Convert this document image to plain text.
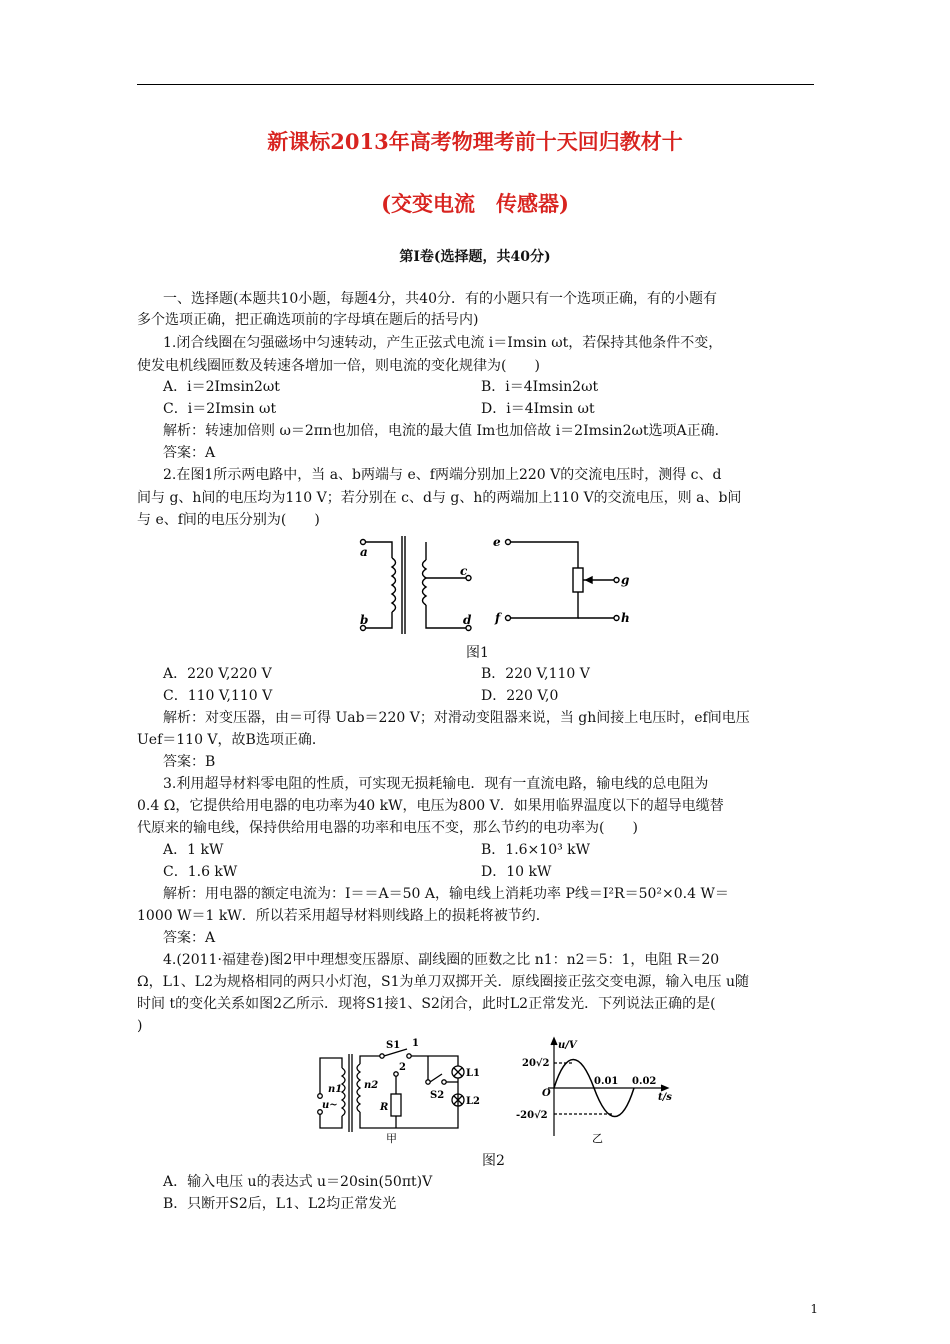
新课标2013年高考物理考前十天回归教材十
(交变电流　传感器)
第Ⅰ卷(选择题，共40分)
一、选择题(本题共10小题，每题4分，共40分．有的小题只有一个选项正确，有的小题有
多个选项正确，把正确选项前的字母填在题后的括号内)
1.闭合线圈在匀强磁场中匀速转动，产生正弦式电流 i＝Imsin ωt，若保持其他条件不变，
使发电机线圈匝数及转速各增加一倍，则电流的变化规律为(　　)
A．i＝2Imsin2ωt	B．i＝4Imsin2ωt
C．i＝2Imsin ωt	D．i＝4Imsin ωt
解析：转速加倍则 ω＝2πn也加倍，电流的最大值 Im也加倍故 i＝2Imsin2ωt选项A正确．
答案：A
2.在图1所示两电路中，当 a、b两端与 e、f两端分别加上220 V的交流电压时，测得 c、d
间与 g、h间的电压均为110 V；若分别在 c、d与 g、h的两端加上110 V的交流电压，则 a、b间
与 e、f间的电压分别为(　　)
a
b
c
d
e
f
g
h
图1
A．220 V,220 V	B．220 V,110 V
C．110 V,110 V	D．220 V,0
解析：对变压器，由＝可得 Uab＝220 V；对滑动变阻器来说，当 gh间接上电压时，ef间电压
Uef＝110 V，故B选项正确．
答案：B
3.利用超导材料零电阻的性质，可实现无损耗输电．现有一直流电路，输电线的总电阻为
0.4 Ω，它提供给用电器的电功率为40 kW，电压为800 V．如果用临界温度以下的超导电缆替
代原来的输电线，保持供给用电器的功率和电压不变，那么节约的电功率为(　　)
A．1 kW	B．1.6×10³ kW
C．1.6 kW	D．10 kW
解析：用电器的额定电流为：I＝＝A＝50 A，输电线上消耗功率 P线＝I²R＝50²×0.4 W＝
1000 W＝1 kW．所以若采用超导材料则线路上的损耗将被节约．
答案：A
4.(2011·福建卷)图2甲中理想变压器原、副线圈的匝数之比 n1：n2＝5：1，电阻 R＝20
Ω，L1、L2为规格相同的两只小灯泡，S1为单刀双掷开关．原线圈接正弦交变电源，输入电压 u随
时间 t的变化关系如图2乙所示．现将S1接1、S2闭合，此时L2正常发光．下列说法正确的是(
)
S1 1
2
n1 n2
u~	R
S2
L1
L2
甲
u/V
20√2
O
-20√2
0.01 0.02
t/s
乙
图2
A．输入电压 u的表达式 u＝20sin(50πt)V
B．只断开S2后，L1、L2均正常发光
1
